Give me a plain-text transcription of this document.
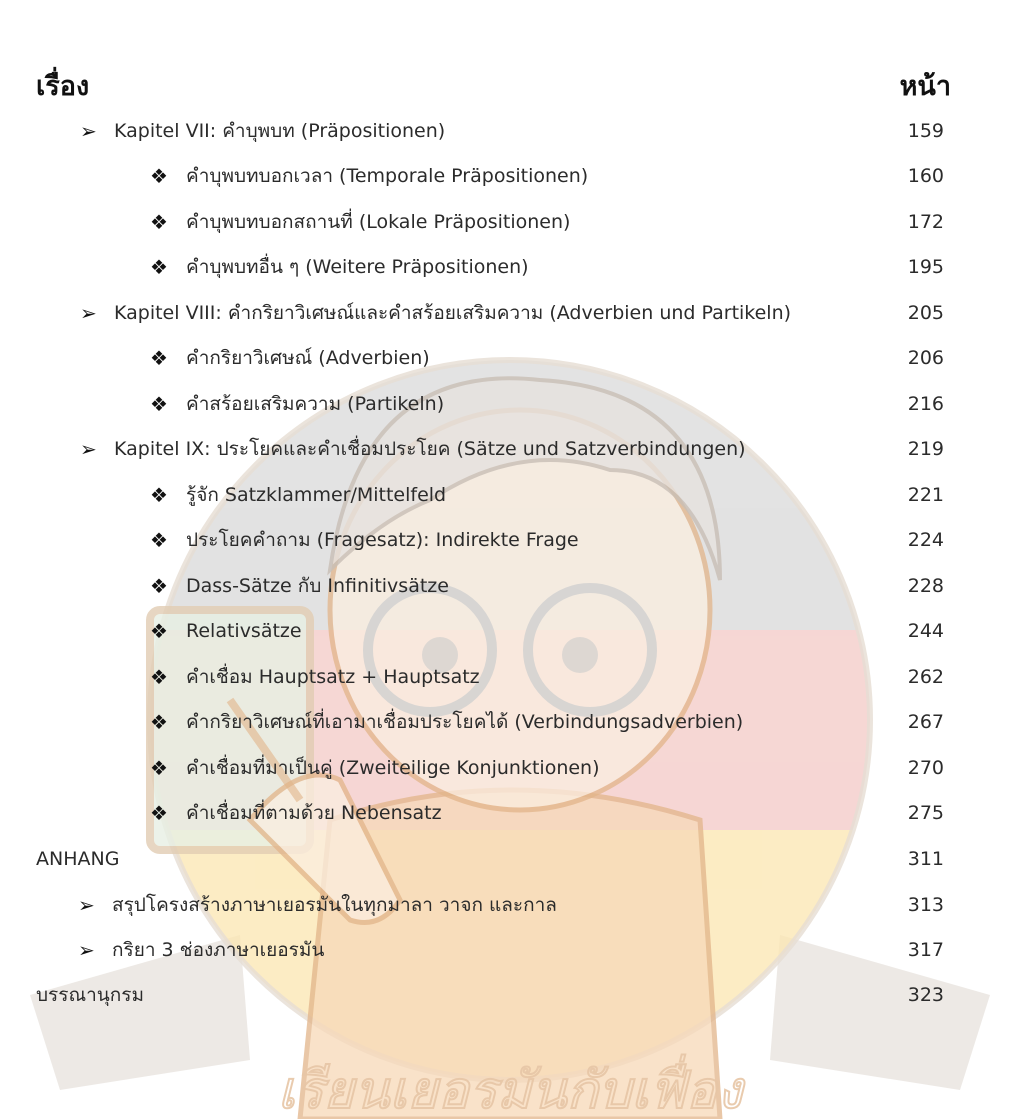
เรียนเยอรมันกับเฟื่อง
เรื่อง	หน้า
➢ Kapitel VII: คำบุพบท (Präpositionen)	159
❖ คำบุพบทบอกเวลา (Temporale Präpositionen)	160
❖ คำบุพบทบอกสถานที่ (Lokale Präpositionen)	172
❖ คำบุพบทอื่น ๆ (Weitere Präpositionen)	195
➢ Kapitel VIII: คำกริยาวิเศษณ์และคำสร้อยเสริมความ (Adverbien und Partikeln)	205
❖ คำกริยาวิเศษณ์ (Adverbien)	206
❖ คำสร้อยเสริมความ (Partikeln)	216
➢ Kapitel IX: ประโยคและคำเชื่อมประโยค (Sätze und Satzverbindungen)	219
❖ รู้จัก Satzklammer/Mittelfeld	221
❖ ประโยคคำถาม (Fragesatz): Indirekte Frage	224
❖ Dass-Sätze กับ Infinitivsätze	228
❖ Relativsätze	244
❖ คำเชื่อม Hauptsatz + Hauptsatz	262
❖ คำกริยาวิเศษณ์ที่เอามาเชื่อมประโยคได้ (Verbindungsadverbien)	267
❖ คำเชื่อมที่มาเป็นคู่ (Zweiteilige Konjunktionen)	270
❖ คำเชื่อมที่ตามด้วย Nebensatz	275
ANHANG	311
➢ สรุปโครงสร้างภาษาเยอรมันในทุกมาลา วาจก และกาล	313
➢ กริยา 3 ช่องภาษาเยอรมัน	317
บรรณานุกรม	323
